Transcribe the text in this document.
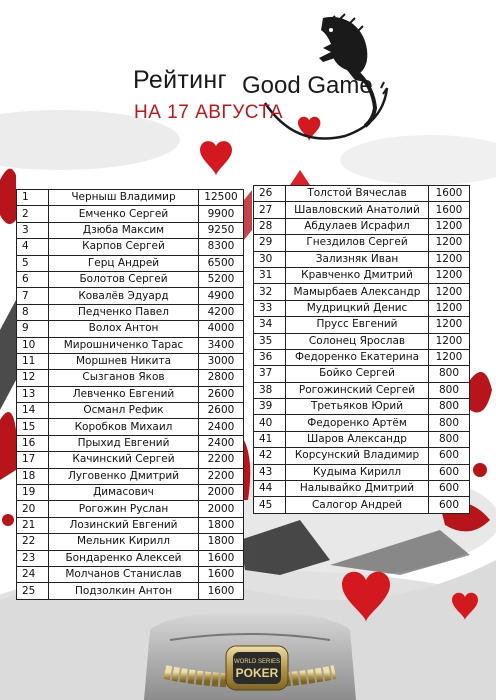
WORLD SERIES
POKER
Рейтинг Good Game
НА 17 АВГУСТА
1	Черныш Владимир	12500
2	Емченко Сергей	9900
3	Дзюба Максим	9250
4	Карпов Сергей	8300
5	Герц Андрей	6500
6	Болотов Сергей	5200
7	Ковалёв Эдуард	4900
8	Педченко Павел	4200
9	Волох Антон	4000
10	Мирошниченко Тарас	3400
11	Моршнев Никита	3000
12	Сызганов Яков	2800
13	Левченко Евгений	2600
14	Османл Рефик	2600
15	Коробков Михаил	2400
16	Прыхид Евгений	2400
17	Качинский Сергей	2200
18	Луговенко Дмитрий	2200
19	Димасович	2000
20	Рогожин Руслан	2000
21	Лозинский Евгений	1800
22	Мельник Кирилл	1800
23	Бондаренко Алексей	1600
24	Молчанов Станислав	1600
25	Подзолкин Антон	1600
26	Толстой Вячеслав	1600
27	Шавловский Анатолий	1600
28	Абдулаев Исрафил	1200
29	Гнездилов Сергей	1200
30	Зализняк Иван	1200
31	Кравченко Дмитрий	1200
32	Мамырбаев Александр	1200
33	Мудрицкий Денис	1200
34	Прусс Евгений	1200
35	Солонец Ярослав	1200
36	Федоренко Екатерина	1200
37	Бойко Сергей	800
38	Рогожинский Сергей	800
39	Третьяков Юрий	800
40	Федоренко Артём	800
41	Шаров Александр	800
42	Корсунский Владимир	600
43	Кудыма Кирилл	600
44	Налывайко Дмитрий	600
45	Салогор Андрей	600
